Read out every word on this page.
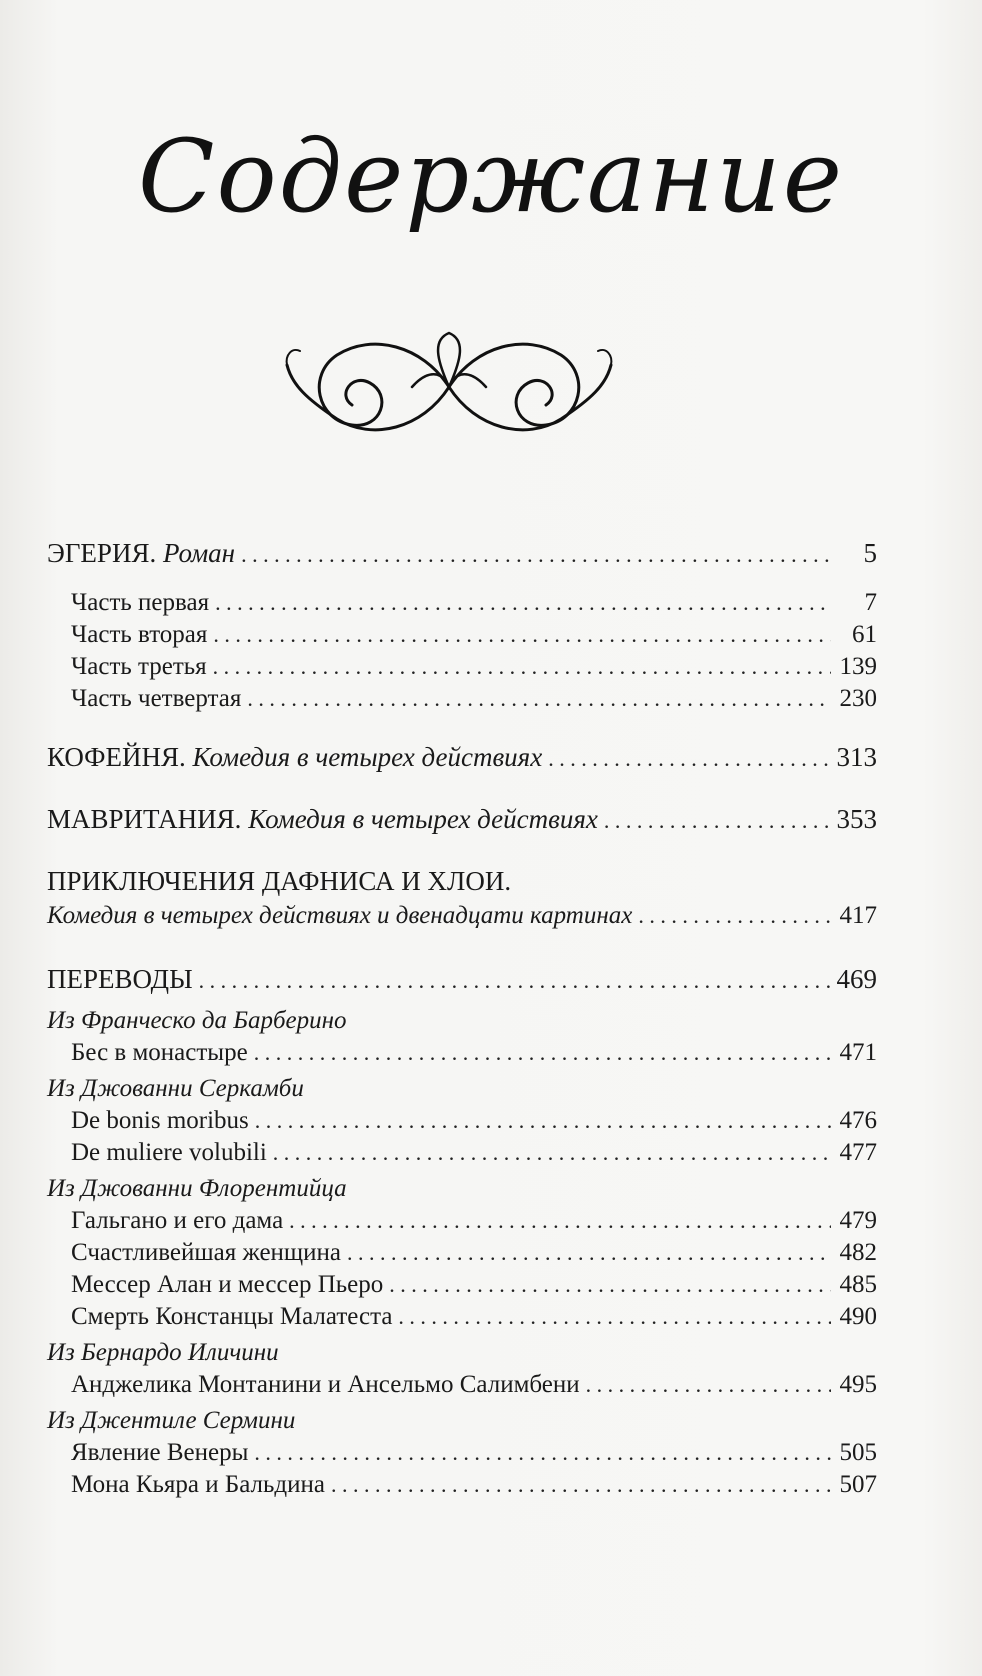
Содержание
ЭГЕРИЯ. Роман . . .	5
Часть первая . . .	7
Часть вторая . . .	61
Часть третья . . .	139
Часть четвертая . . .	230
КОФЕЙНЯ. Комедия в четырех действиях . . .	313
МАВРИТАНИЯ. Комедия в четырех действиях . . .	353
ПРИКЛЮЧЕНИЯ ДАФНИСА И ХЛОИ.
Комедия в четырех действиях и двенадцати картинах . . .	417
ПЕРЕВОДЫ . . .	469
Из Франческо да Барберино
Бес в монастыре . . .	471
Из Джованни Серкамби
De bonis moribus . . .	476
De muliere volubili . . .	477
Из Джованни Флорентийца
Гальгано и его дама . . .	479
Счастливейшая женщина . . .	482
Мессер Алан и мессер Пьеро . . .	485
Смерть Констанцы Малатеста . . .	490
Из Бернардо Иличини
Анджелика Монтанини и Ансельмо Салимбени . . .	495
Из Джентиле Сермини
Явление Венеры . . .	505
Мона Кьяра и Бальдина . . .	507
